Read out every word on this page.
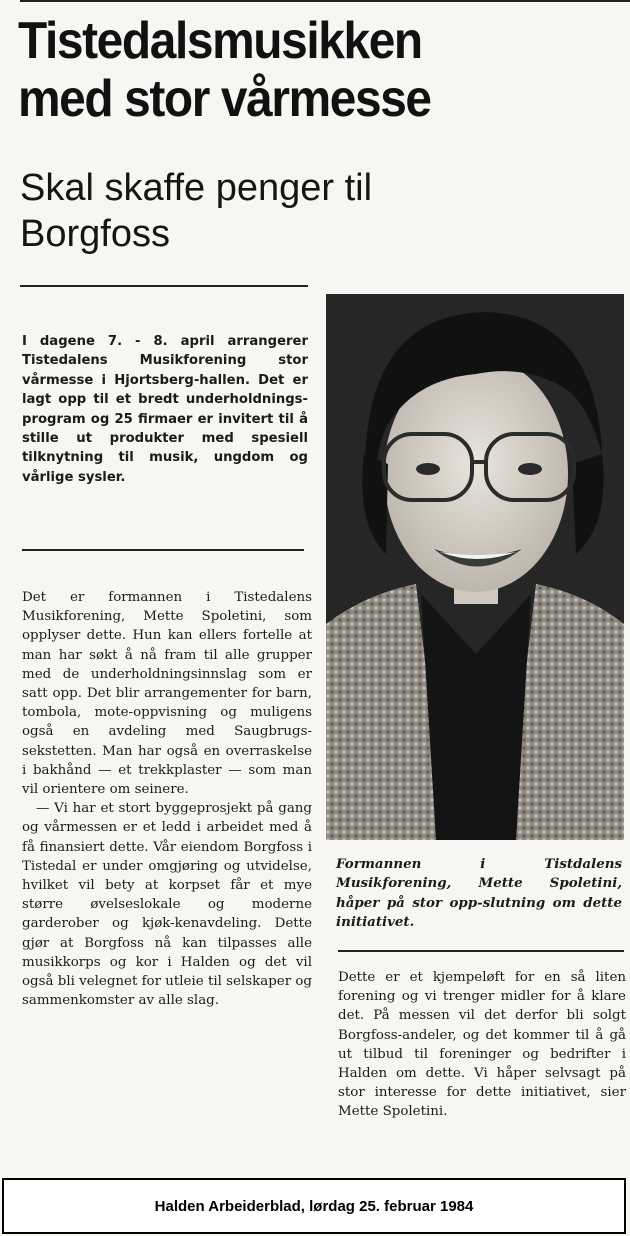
Tistedalsmusikken
med stor vårmesse
Skal skaffe penger til
Borgfoss
I dagene 7. - 8. april arrangerer Tistedalens Musikforening stor vårmesse i Hjortsberg-hallen. Det er lagt opp til et bredt underholdnings-program og 25 firmaer er invitert til å stille ut produkter med spesiell tilknytning til musik, ungdom og vårlige sysler.

Det er formannen i Tistedalens Musikforening, Mette Spoletini, som opplyser dette. Hun kan ellers fortelle at man har søkt å nå fram til alle grupper med de underholdningsinnslag som er satt opp. Det blir arrangementer for barn, tombola, mote-oppvisning og muligens også en avdeling med Saugbrugs-sekstetten. Man har også en overraskelse i bakhånd — et trekkplaster — som man vil orientere om seinere.

— Vi har et stort byggeprosjekt på gang og vårmessen er et ledd i arbeidet med å få finansiert dette. Vår eiendom Borgfoss i Tistedal er under omgjøring og utvidelse, hvilket vil bety at korpset får et mye større øvelseslokale og moderne garderober og kjøk-kenavdeling. Dette gjør at Borgfoss nå kan tilpasses alle musikkorps og kor i Halden og det vil også bli velegnet for utleie til selskaper og sammenkomster av alle slag.

Formannen i Tistdalens Musikforening, Mette Spoletini, håper på stor opp-slutning om dette initiativet.

Dette er et kjempeløft for en så liten forening og vi trenger midler for å klare det. På messen vil det derfor bli solgt Borgfoss-andeler, og det kommer til å gå ut tilbud til foreninger og bedrifter i Halden om dette. Vi håper selvsagt på stor interesse for dette initiativet, sier Mette Spoletini.

Halden Arbeiderblad, lørdag 25. februar 1984
